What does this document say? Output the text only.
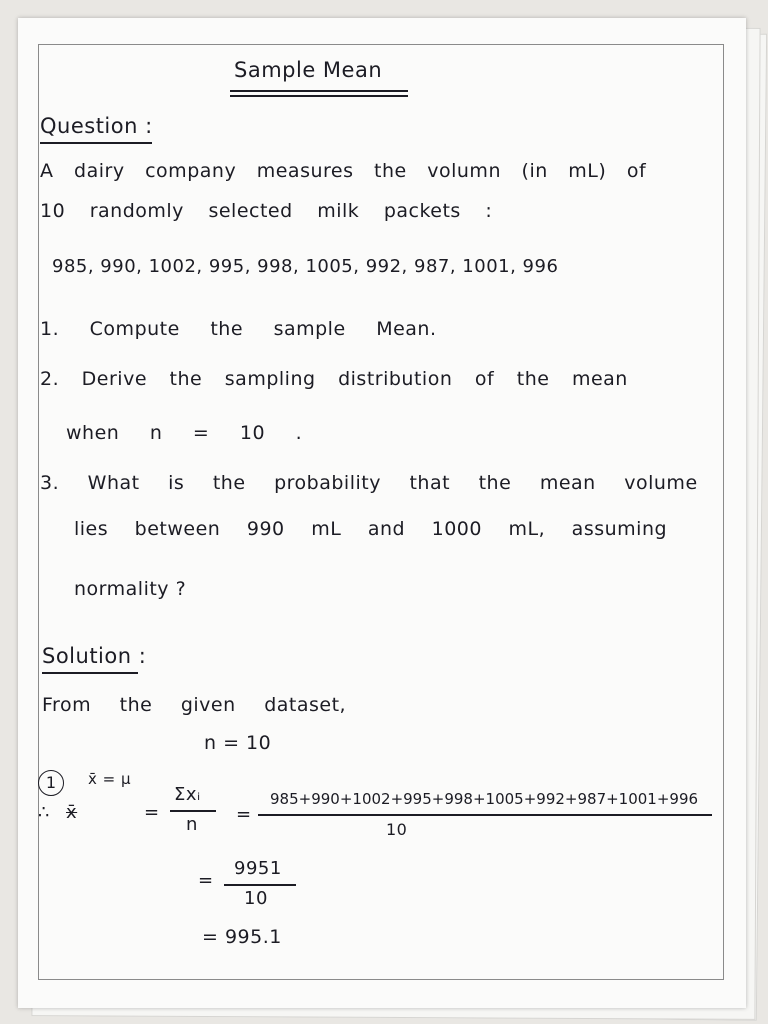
Sample Mean
Question :
A dairy company measures the volumn (in mL) of
10 randomly selected milk packets :
985, 990, 1002, 995, 998, 1005, 992, 987, 1001, 996
1. Compute the sample Mean.
2. Derive the sampling distribution of the mean
when n = 10 .
3. What is the probability that the mean volume
lies between 990 mL and 1000 mL, assuming
normality ?
Solution :
From the given dataset,
n = 10
1	x̄ = μ
∴ x̄	=
Σxᵢ
n =
985+990+1002+995+998+1005+992+987+1001+996
10
=
9951
10
= 995.1
